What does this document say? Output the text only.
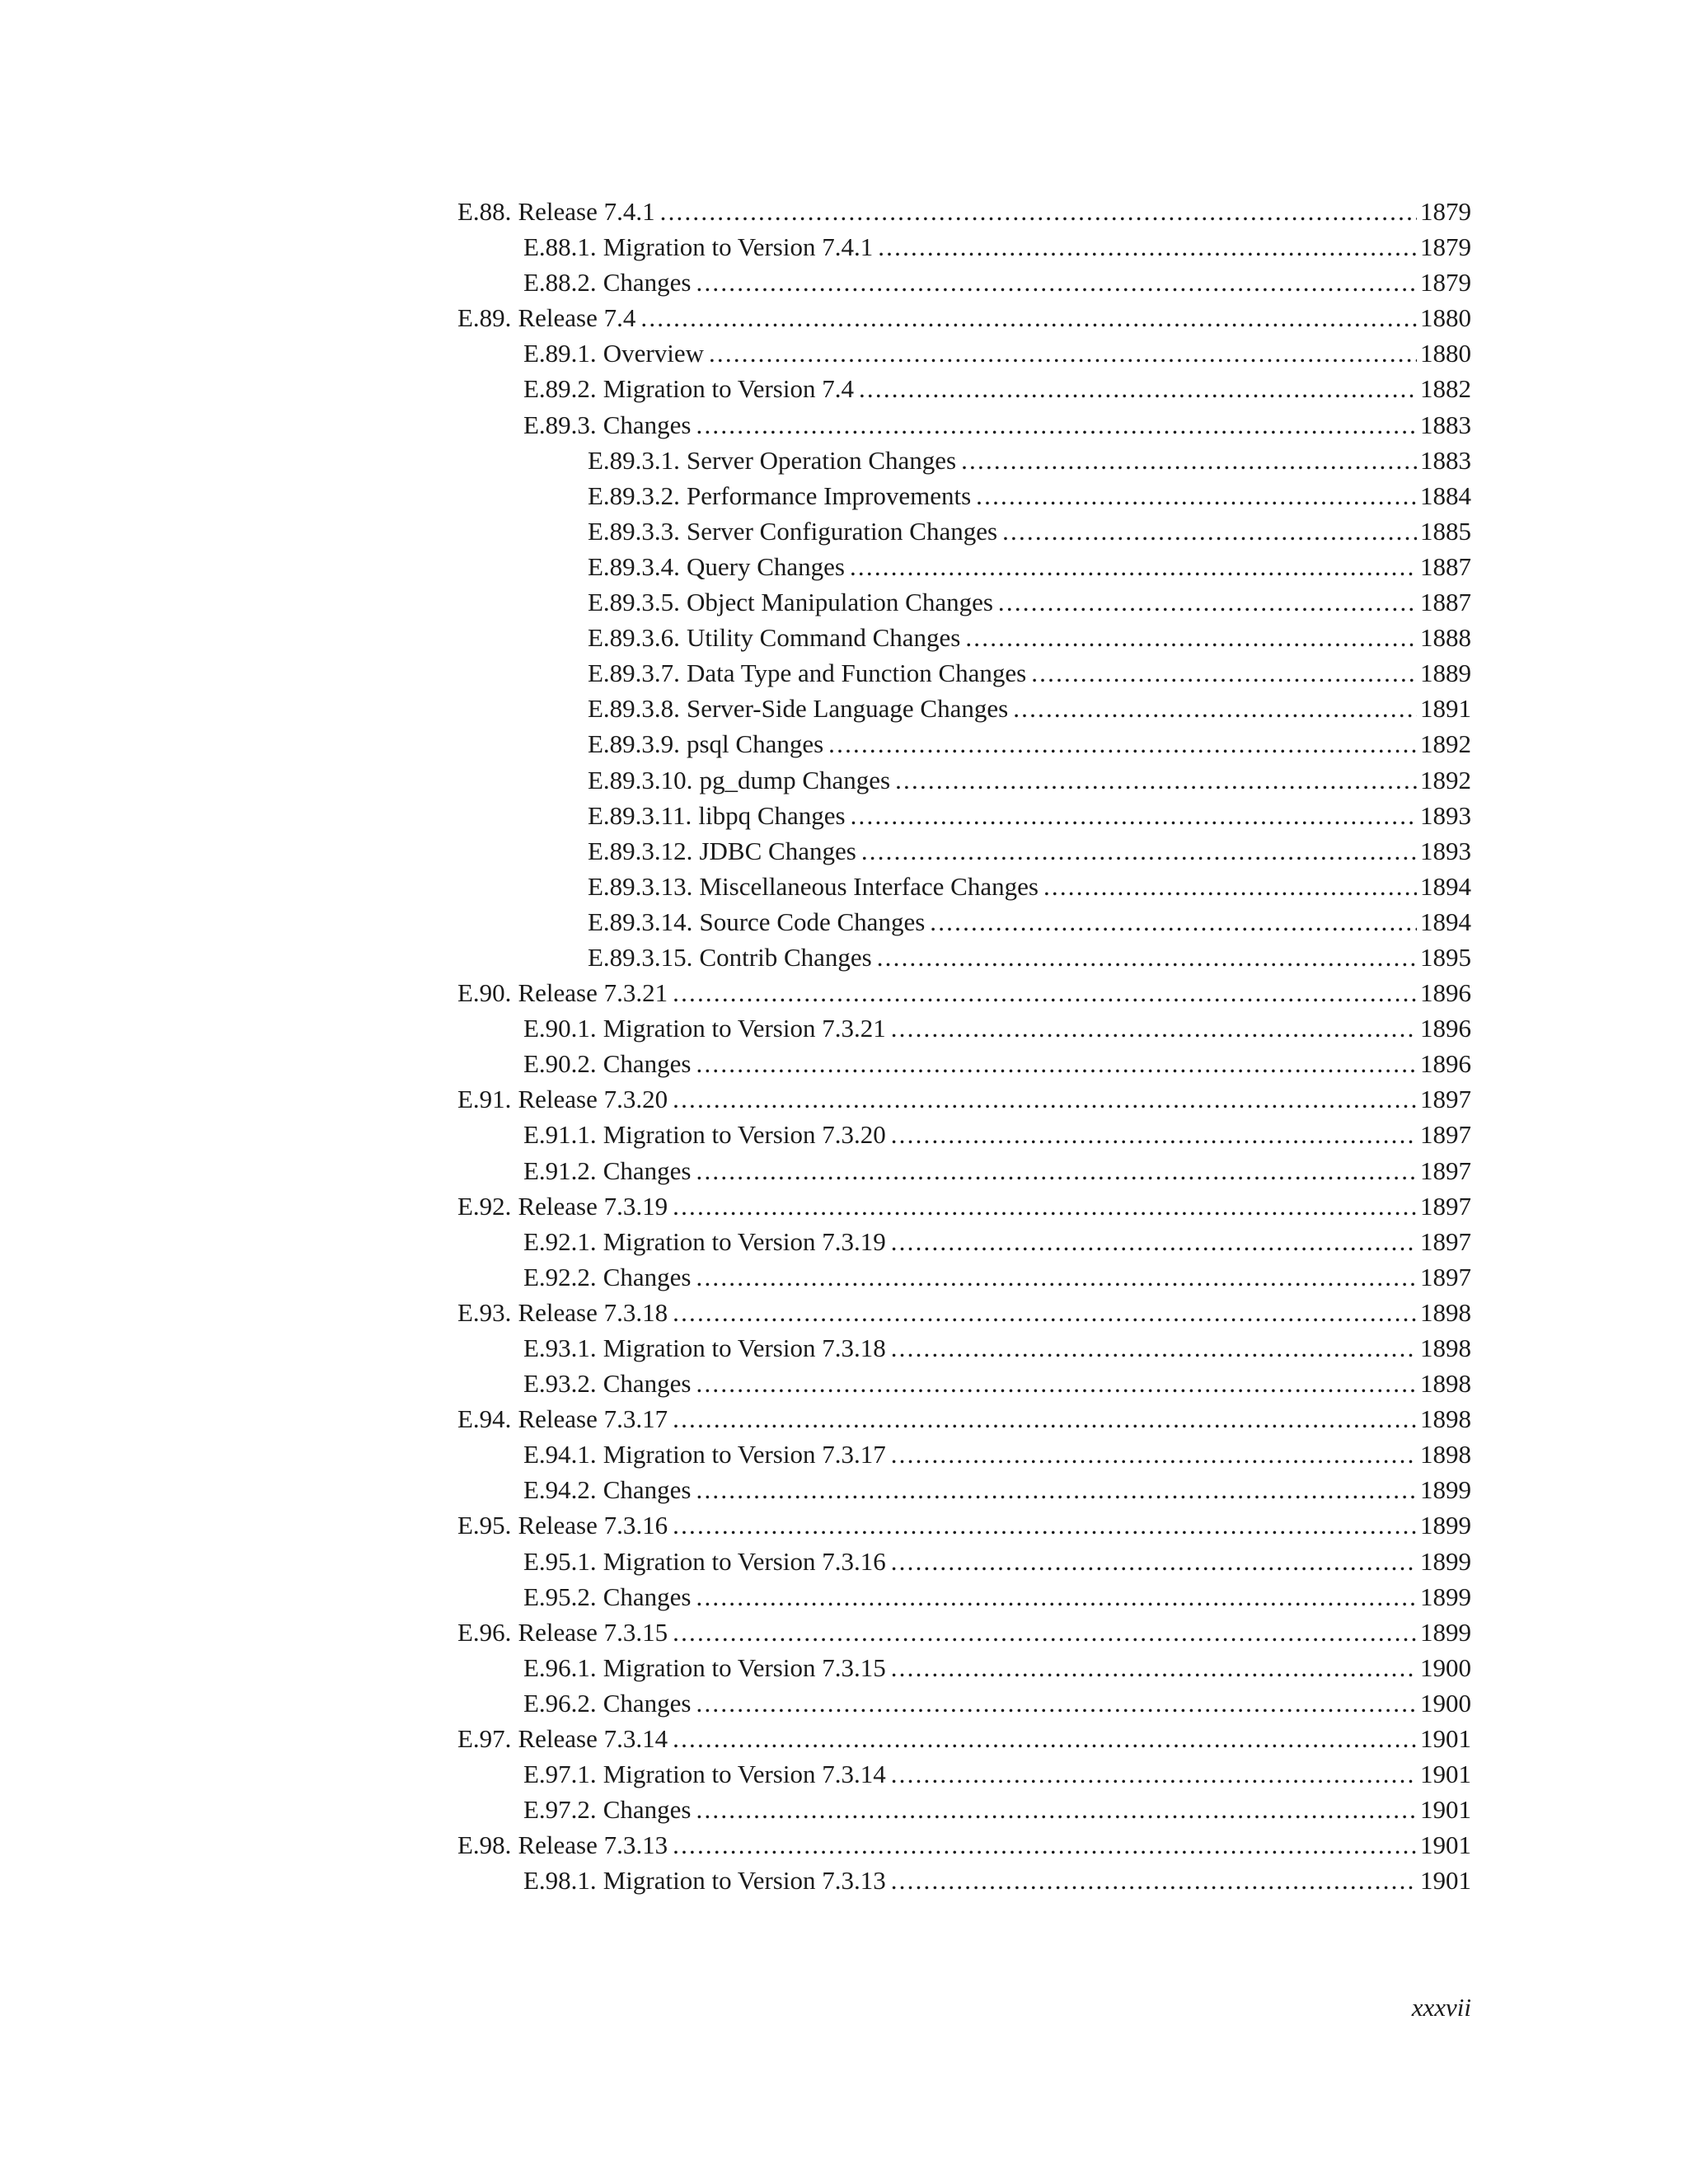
E.88. Release 7.4.1 .....	1879
E.88.1. Migration to Version 7.4.1 .....	1879
E.88.2. Changes .....	1879
E.89. Release 7.4 .....	1880
E.89.1. Overview .....	1880
E.89.2. Migration to Version 7.4 .....	1882
E.89.3. Changes .....	1883
E.89.3.1. Server Operation Changes .....	1883
E.89.3.2. Performance Improvements .....	1884
E.89.3.3. Server Configuration Changes .....	1885
E.89.3.4. Query Changes .....	1887
E.89.3.5. Object Manipulation Changes .....	1887
E.89.3.6. Utility Command Changes .....	1888
E.89.3.7. Data Type and Function Changes .....	1889
E.89.3.8. Server-Side Language Changes .....	1891
E.89.3.9. psql Changes .....	1892
E.89.3.10. pg_dump Changes .....	1892
E.89.3.11. libpq Changes .....	1893
E.89.3.12. JDBC Changes .....	1893
E.89.3.13. Miscellaneous Interface Changes .....	1894
E.89.3.14. Source Code Changes .....	1894
E.89.3.15. Contrib Changes .....	1895
E.90. Release 7.3.21 .....	1896
E.90.1. Migration to Version 7.3.21 .....	1896
E.90.2. Changes .....	1896
E.91. Release 7.3.20 .....	1897
E.91.1. Migration to Version 7.3.20 .....	1897
E.91.2. Changes .....	1897
E.92. Release 7.3.19 .....	1897
E.92.1. Migration to Version 7.3.19 .....	1897
E.92.2. Changes .....	1897
E.93. Release 7.3.18 .....	1898
E.93.1. Migration to Version 7.3.18 .....	1898
E.93.2. Changes .....	1898
E.94. Release 7.3.17 .....	1898
E.94.1. Migration to Version 7.3.17 .....	1898
E.94.2. Changes .....	1899
E.95. Release 7.3.16 .....	1899
E.95.1. Migration to Version 7.3.16 .....	1899
E.95.2. Changes .....	1899
E.96. Release 7.3.15 .....	1899
E.96.1. Migration to Version 7.3.15 .....	1900
E.96.2. Changes .....	1900
E.97. Release 7.3.14 .....	1901
E.97.1. Migration to Version 7.3.14 .....	1901
E.97.2. Changes .....	1901
E.98. Release 7.3.13 .....	1901
E.98.1. Migration to Version 7.3.13 .....	1901
xxxvii
